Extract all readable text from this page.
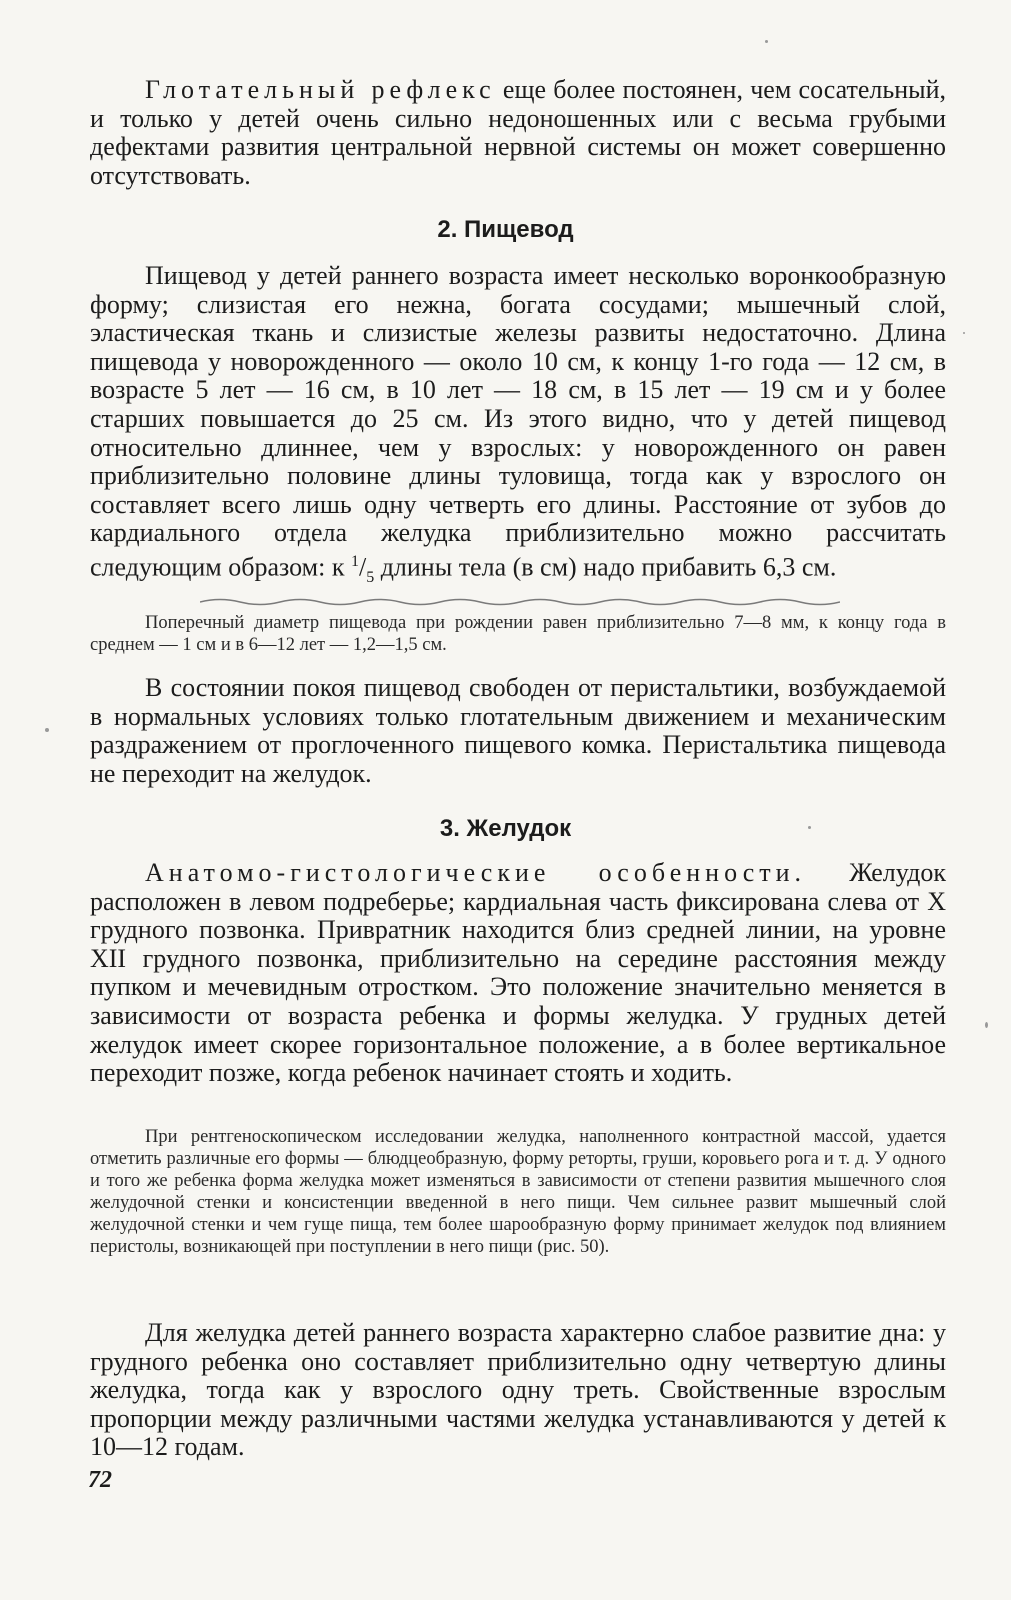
Глотательный рефлекс еще более постоянен, чем сосательный, и только у детей очень сильно недоношенных или с весьма грубыми дефектами развития центральной нервной системы он может совершенно отсутствовать.

2. Пищевод

Пищевод у детей раннего возраста имеет несколько воронкообразную форму; слизистая его нежна, богата сосудами; мышечный слой, эластическая ткань и слизистые железы развиты недостаточно. Длина пищевода у новорожденного — около 10 см, к концу 1-го года — 12 см, в возрасте 5 лет — 16 см, в 10 лет — 18 см, в 15 лет — 19 см и у более старших повышается до 25 см. Из этого видно, что у детей пищевод относительно длиннее, чем у взрослых: у новорожденного он равен приблизительно половине длины туловища, тогда как у взрослого он составляет всего лишь одну четверть его длины. Расстояние от зубов до кардиального отдела желудка приблизительно можно рассчитать следующим образом: к $^1/_5$ длины тела (в см) надо прибавить 6,3 см.

Поперечный диаметр пищевода при рождении равен приблизительно 7—8 мм, к концу года в среднем — 1 см и в 6—12 лет — 1,2—1,5 см.

В состоянии покоя пищевод свободен от перистальтики, возбуждаемой в нормальных условиях только глотательным движением и механическим раздражением от проглоченного пищевого комка. Перистальтика пищевода не переходит на желудок.

3. Желудок

Анатомо-гистологические особенности. Желудок расположен в левом подреберье; кардиальная часть фиксирована слева от X грудного позвонка. Привратник находится близ средней линии, на уровне XII грудного позвонка, приблизительно на середине расстояния между пупком и мечевидным отростком. Это положение значительно меняется в зависимости от возраста ребенка и формы желудка. У грудных детей желудок имеет скорее горизонтальное положение, а в более вертикальное переходит позже, когда ребенок начинает стоять и ходить.

При рентгеноскопическом исследовании желудка, наполненного контрастной массой, удается отметить различные его формы — блюдцеобразную, форму реторты, груши, коровьего рога и т. д. У одного и того же ребенка форма желудка может изменяться в зависимости от степени развития мышечного слоя желудочной стенки и консистенции введенной в него пищи. Чем сильнее развит мышечный слой желудочной стенки и чем гуще пища, тем более шарообразную форму принимает желудок под влиянием перистолы, возникающей при поступлении в него пищи (рис. 50).

Для желудка детей раннего возраста характерно слабое развитие дна: у грудного ребенка оно составляет приблизительно одну четвертую длины желудка, тогда как у взрослого одну треть. Свойственные взрослым пропорции между различными частями желудка устанавливаются у детей к 10—12 годам.

72
